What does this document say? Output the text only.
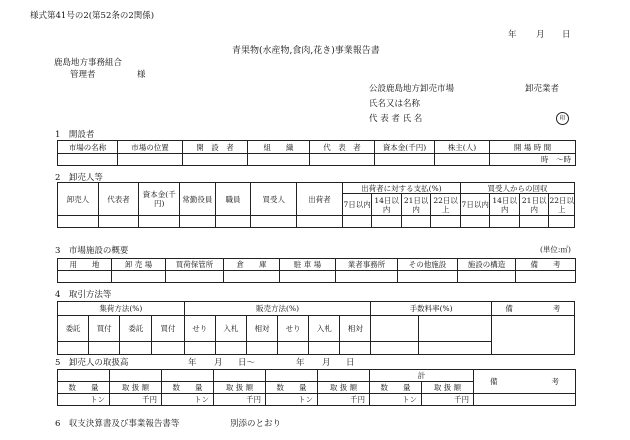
様式第41号の2(第52条の2関係)
年 月 日
青果物(水産物,食肉,花き)事業報告書
鹿島地方事務組合
管理者	様
公設鹿島地方卸売市場	卸売業者
氏名又は名称
代 表 者 氏 名	印
1　開設者
市場の名称	市場の位置	開　設　者	組　　織	代　表　者	資本金(千円)	株主(人)	開 場 時 間
							時　～時
2　卸売人等
卸売人	代表者	資本金(千円)	常勤役員	職員	買受人	出荷者	出荷者に対する支払(%)				買受人からの回収			
							7日以内	14日以内	21日以内	22日以上	7日以内	14日以内	21日以内	22日以上

3　市場施設の概要	(単位:㎡)
用　　地	卸 売 場	買荷保管所	倉　　庫	駐 車 場	業者事務所	その他施設	施設の構造	備　　考

4　取引方法等
集荷方法(%)				販売方法(%)						手数料率(%)		備 考
委託	買付	委託	買付	せり	入札	相対	せり	入札	相対			

5　卸売人の取扱高	年 月 日～	年 月 日
						計		備 考
数　　量	取 扱 額	数　　量	取 扱 額	数　　量	取 扱 額	数　　量	取 扱 額	
トン	千円	トン	千円	トン	千円	トン	千円	
6　収支決算書及び事業報告書等	別添のとおり
